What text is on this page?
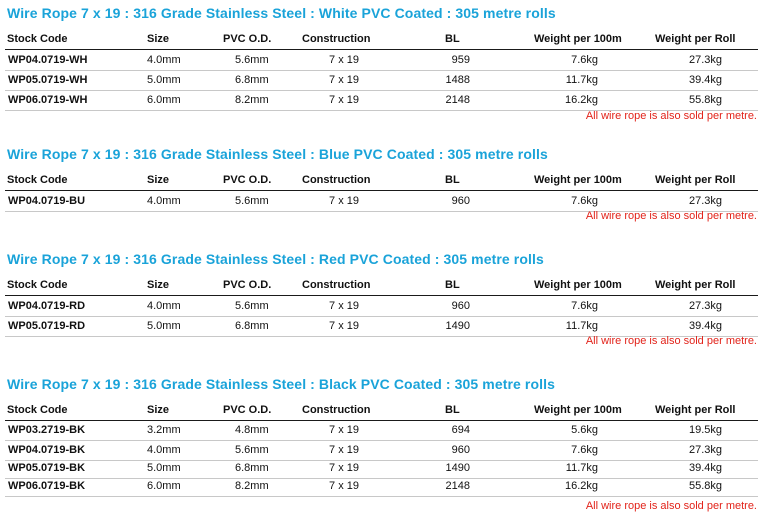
Wire Rope 7 x 19 : 316 Grade Stainless Steel : White PVC Coated : 305 metre rolls
Stock Code	Size	PVC O.D.	Construction	BL	Weight per 100m	Weight per Roll
WP04.0719-WH	4.0mm	5.6mm	7 x 19	959	7.6kg	27.3kg
WP05.0719-WH	5.0mm	6.8mm	7 x 19	1488	11.7kg	39.4kg
WP06.0719-WH	6.0mm	8.2mm	7 x 19	2148	16.2kg	55.8kg
All wire rope is also sold per metre.
Wire Rope 7 x 19 : 316 Grade Stainless Steel : Blue PVC Coated : 305 metre rolls
Stock Code	Size	PVC O.D.	Construction	BL	Weight per 100m	Weight per Roll
WP04.0719-BU	4.0mm	5.6mm	7 x 19	960	7.6kg	27.3kg
All wire rope is also sold per metre.
Wire Rope 7 x 19 : 316 Grade Stainless Steel : Red PVC Coated : 305 metre rolls
Stock Code	Size	PVC O.D.	Construction	BL	Weight per 100m	Weight per Roll
WP04.0719-RD	4.0mm	5.6mm	7 x 19	960	7.6kg	27.3kg
WP05.0719-RD	5.0mm	6.8mm	7 x 19	1490	11.7kg	39.4kg
All wire rope is also sold per metre.
Wire Rope 7 x 19 : 316 Grade Stainless Steel : Black PVC Coated : 305 metre rolls
Stock Code	Size	PVC O.D.	Construction	BL	Weight per 100m	Weight per Roll
WP03.2719-BK	3.2mm	4.8mm	7 x 19	694	5.6kg	19.5kg
WP04.0719-BK	4.0mm	5.6mm	7 x 19	960	7.6kg	27.3kg
WP05.0719-BK	5.0mm	6.8mm	7 x 19	1490	11.7kg	39.4kg
WP06.0719-BK	6.0mm	8.2mm	7 x 19	2148	16.2kg	55.8kg
All wire rope is also sold per metre.
